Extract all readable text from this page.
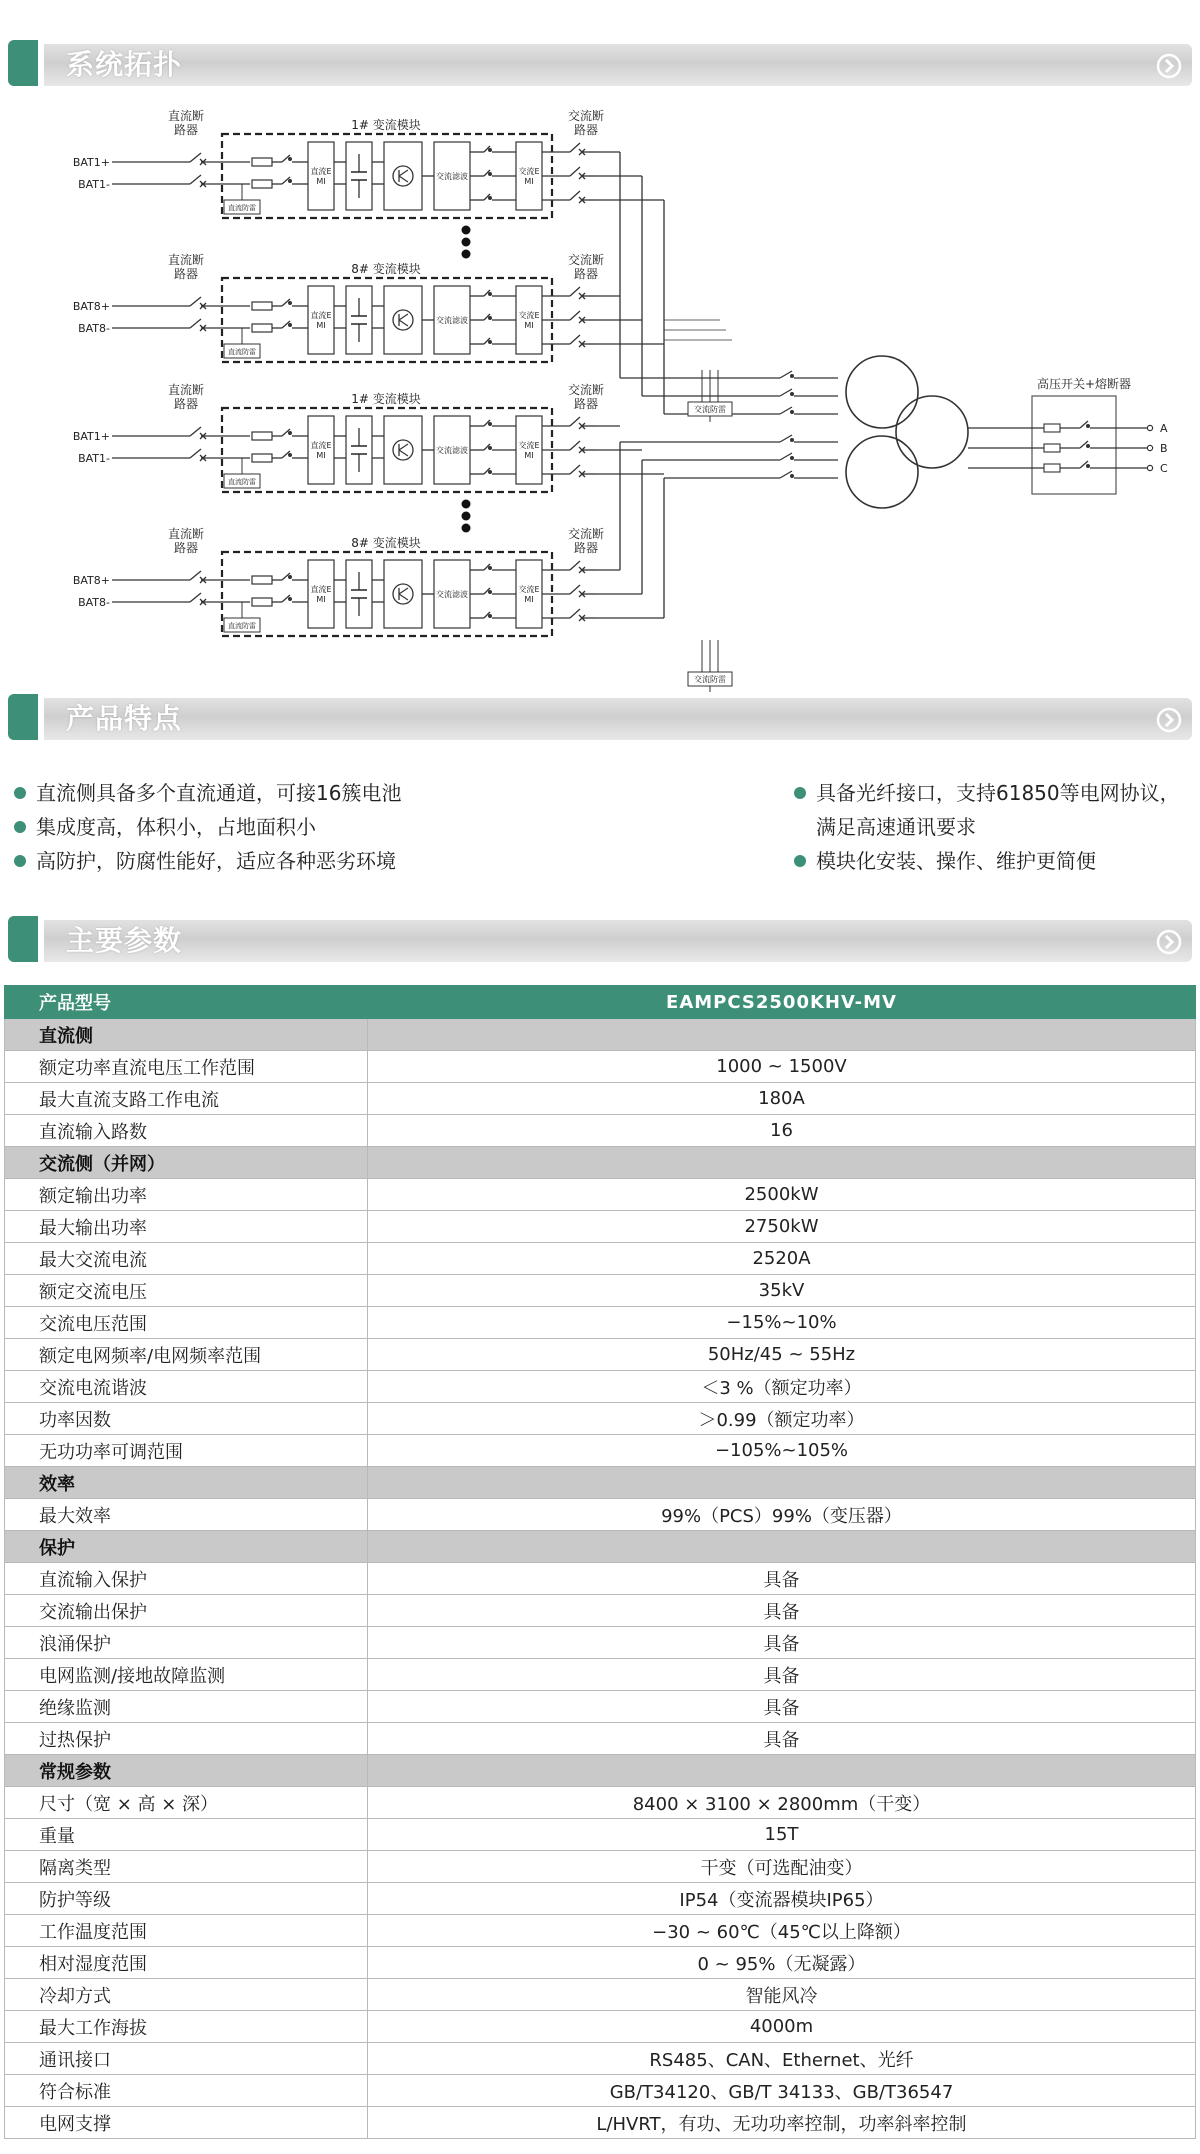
系统拓扑
直流断路器	1# 变流模块
BAT1+
BAT1-
直流防雷
直流E MI
交流滤波
交流E MI
交流断路器
直流断路器	8# 变流模块
BAT8+
BAT8-
直流防雷
直流E MI
交流滤波
交流E MI
交流断路器
直流断路器	1# 变流模块
BAT1+
BAT1-
直流防雷
直流E MI
交流滤波
交流E MI
交流断路器
直流断路器	8# 变流模块
BAT8+
BAT8-
直流防雷
直流E MI
交流滤波
交流E MI
交流断路器
交流防雷
交流防雷
高压开关+熔断器
A
B
C
产品特点
直流侧具备多个直流通道，可接16簇电池
集成度高，体积小，占地面积小
高防护，防腐性能好，适应各种恶劣环境
具备光纤接口，支持61850等电网协议，
满足高速通讯要求
模块化安装、操作、维护更简便
主要参数
产品型号	EAMPCS2500KHV-MV
直流侧	
额定功率直流电压工作范围	1000 ~ 1500V
最大直流支路工作电流	180A
直流输入路数	16
交流侧（并网）	
额定输出功率	2500kW
最大输出功率	2750kW
最大交流电流	2520A
额定交流电压	35kV
交流电压范围	−15%~10%
额定电网频率/电网频率范围	50Hz/45 ~ 55Hz
交流电流谐波	＜3 %（额定功率）
功率因数	＞0.99（额定功率）
无功功率可调范围	−105%~105%
效率	
最大效率	99%（PCS）99%（变压器）
保护	
直流输入保护	具备
交流输出保护	具备
浪涌保护	具备
电网监测/接地故障监测	具备
绝缘监测	具备
过热保护	具备
常规参数	
尺寸（宽 × 高 × 深）	8400 × 3100 × 2800mm（干变）
重量	15T
隔离类型	干变（可选配油变）
防护等级	IP54（变流器模块IP65）
工作温度范围	−30 ~ 60℃（45℃以上降额）
相对湿度范围	0 ~ 95%（无凝露）
冷却方式	智能风冷
最大工作海拔	4000m
通讯接口	RS485、CAN、Ethernet、光纤
符合标准	GB/T34120、GB/T 34133、GB/T36547
电网支撑	L/HVRT，有功、无功功率控制，功率斜率控制
